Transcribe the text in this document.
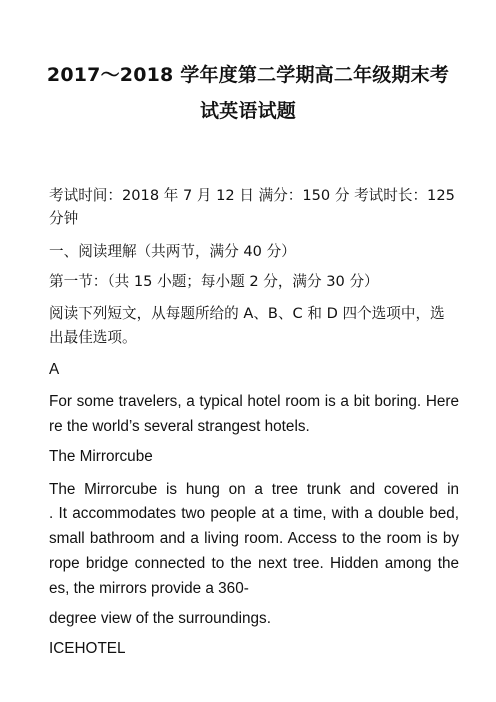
2017～2018 学年度第二学期高二年级期末考
试英语试题
考试时间：2018 年 7 月 12 日 满分：150 分 考试时长：125
分钟
一、阅读理解（共两节，满分 40 分）
第一节：（共 15 小题；每小题 2 分，满分 30 分）
阅读下列短文，从每题所给的 A、B、C 和 D 四个选项中，选
出最佳选项。
A
For some travelers, a typical hotel room is a bit boring. Here
re the world’s several strangest hotels.
The Mirrorcube
The Mirrorcube is hung on a tree trunk and covered in
. It accommodates two people at a time, with a double bed,
small bathroom and a living room. Access to the room is by
rope bridge connected to the next tree. Hidden among the
es, the mirrors provide a 360-
degree view of the surroundings.
ICEHOTEL
